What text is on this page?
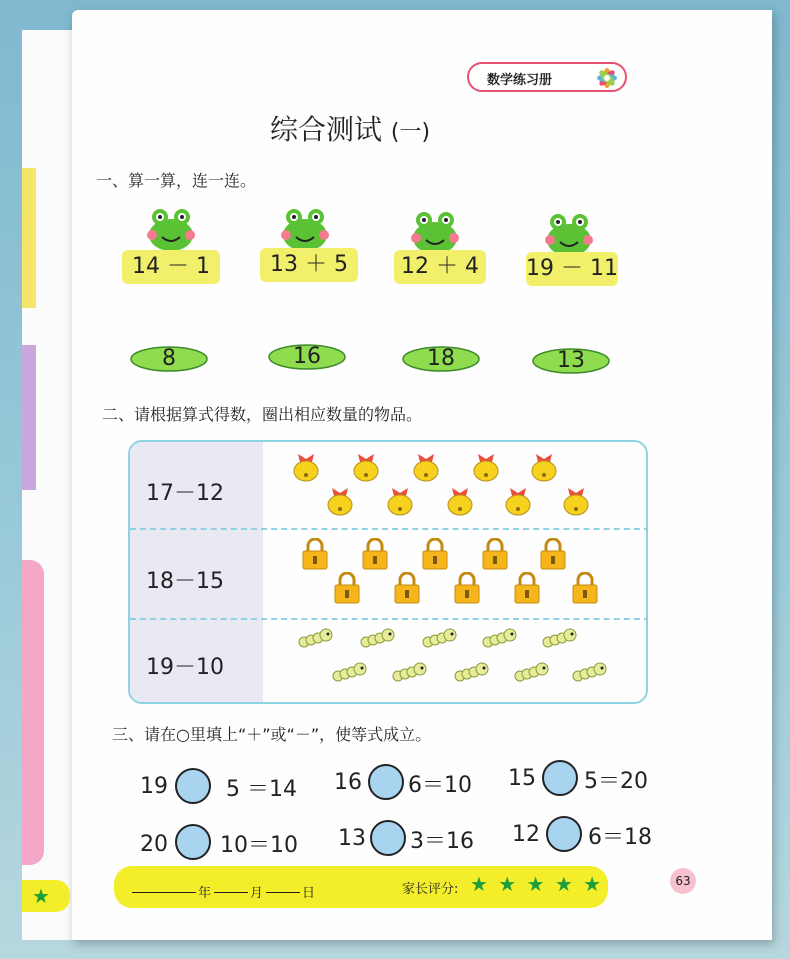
数学练习册
综合测试 (一)
一、算一算，连一连。
14 － 1	13 ＋ 5	12 ＋ 4	19 － 11
8	16	18	13
二、请根据算式得数，圈出相应数量的物品。
17－12
18－15
19－10
三、请在○里填上“＋”或“－”，使等式成立。
19	5 ＝14 16 6＝10 15 5＝20
20 10＝10 13 3＝16 12 6＝18
★	年	月	日	家长评分: ★ ★ ★ ★ ★	63
